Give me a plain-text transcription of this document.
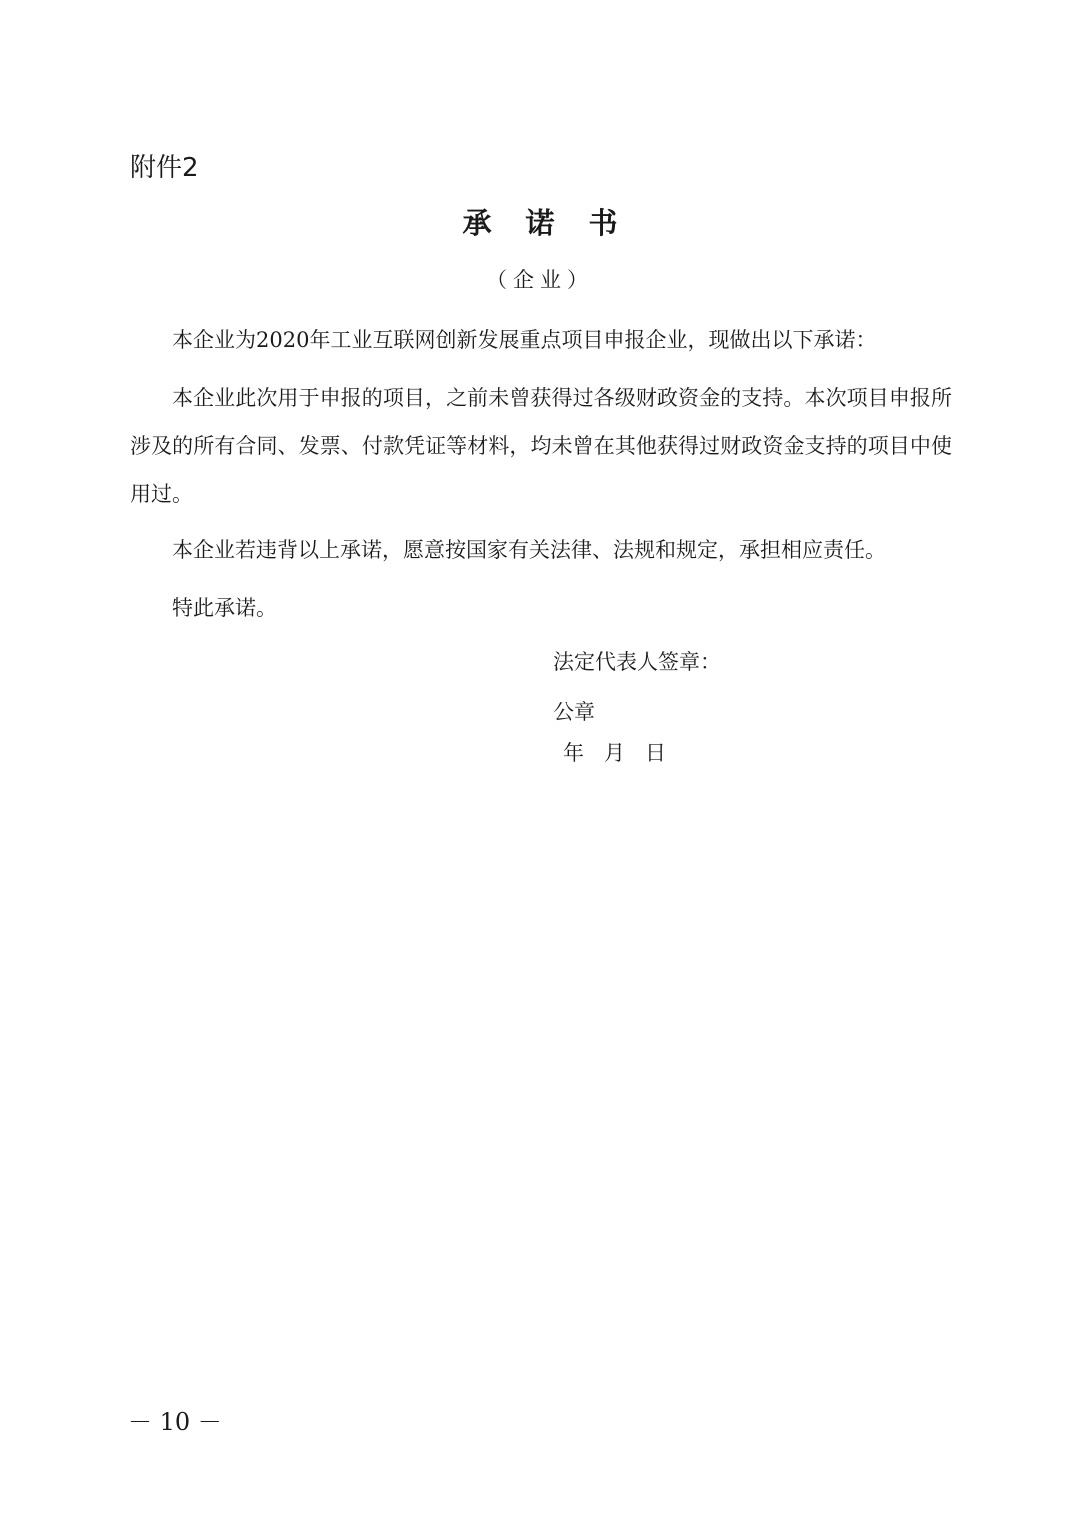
附件2
承诺书
（企业）

本企业为2020年工业互联网创新发展重点项目申报企业，现做出以下承诺：

本企业此次用于申报的项目，之前未曾获得过各级财政资金的支持。本次项目申报所涉及的所有合同、发票、付款凭证等材料，均未曾在其他获得过财政资金支持的项目中使用过。

本企业若违背以上承诺，愿意按国家有关法律、法规和规定，承担相应责任。

特此承诺。

法定代表人签章：
公章
年   月   日
－ 10 －
